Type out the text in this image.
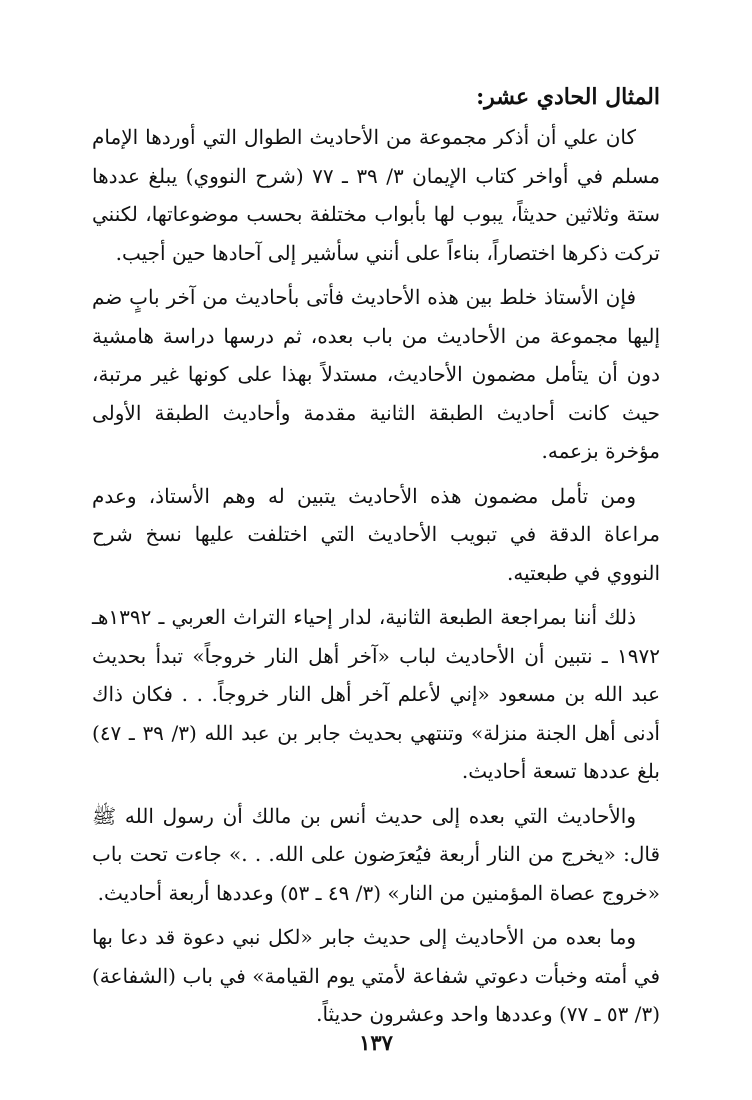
المثال الحادي عشر:

كان علي أن أذكر مجموعة من الأحاديث الطوال التي أوردها الإمام مسلم في أواخر كتاب الإيمان ٣/ ٣٩ ـ ٧٧ (شرح النووي) يبلغ عددها ستة وثلاثين حديثاً، يبوب لها بأبواب مختلفة بحسب موضوعاتها، لكنني تركت ذكرها اختصاراً، بناءاً على أنني سأشير إلى آحادها حين أجيب.

فإن الأستاذ خلط بين هذه الأحاديث فأتى بأحاديث من آخر بابٍ ضم إليها مجموعة من الأحاديث من باب بعده، ثم درسها دراسة هامشية دون أن يتأمل مضمون الأحاديث، مستدلاً بهذا على كونها غير مرتبة، حيث كانت أحاديث الطبقة الثانية مقدمة وأحاديث الطبقة الأولى مؤخرة بزعمه.

ومن تأمل مضمون هذه الأحاديث يتبين له وهم الأستاذ، وعدم مراعاة الدقة في تبويب الأحاديث التي اختلفت عليها نسخ شرح النووي في طبعتيه.

ذلك أننا بمراجعة الطبعة الثانية، لدار إحياء التراث العربي ـ ١٣٩٢هـ ١٩٧٢ ـ نتبين أن الأحاديث لباب «آخر أهل النار خروجاً» تبدأ بحديث عبد الله بن مسعود «إني لأعلم آخر أهل النار خروجاً. . . فكان ذاك أدنى أهل الجنة منزلة» وتنتهي بحديث جابر بن عبد الله (٣/ ٣٩ ـ ٤٧) بلغ عددها تسعة أحاديث.

والأحاديث التي بعده إلى حديث أنس بن مالك أن رسول الله ﷺ قال: «يخرج من النار أربعة فيُعرَضون على الله. . .» جاءت تحت باب «خروج عصاة المؤمنين من النار» (٣/ ٤٩ ـ ٥٣) وعددها أربعة أحاديث.

وما بعده من الأحاديث إلى حديث جابر «لكل نبي دعوة قد دعا بها في أمته وخبأت دعوتي شفاعة لأمتي يوم القيامة» في باب (الشفاعة) (٣/ ٥٣ ـ ٧٧) وعددها واحد وعشرون حديثاً.

١٣٧
